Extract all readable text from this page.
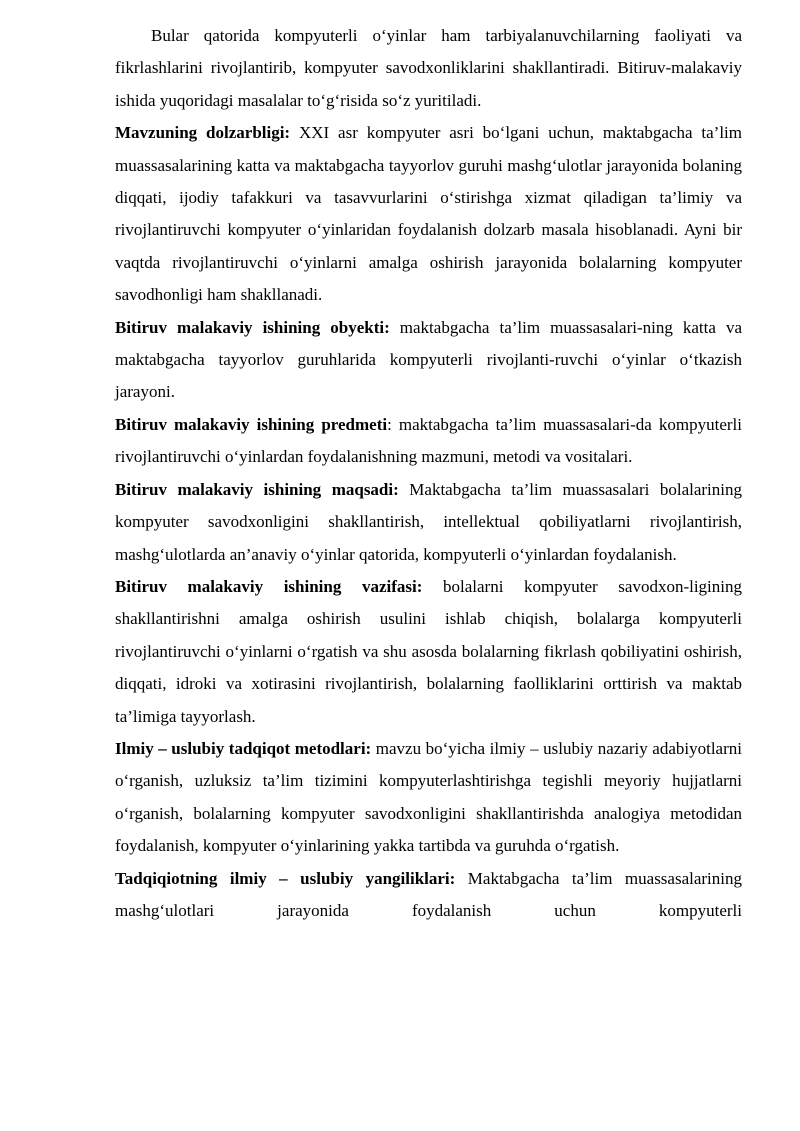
Bular qatorida kompyuterli o‘yinlar ham tarbiyalanuvchilarning faoliyati va fikrlashlarini rivojlantirib, kompyuter savodxonliklarini shakllantiradi. Bitiruv-malakaviy ishida yuqoridagi masalalar to‘g‘risida so‘z yuritiladi.

Mavzuning dolzarbligi: XXI asr kompyuter asri bo‘lgani uchun, maktabgacha ta’lim muassasalarining katta va maktabgacha tayyorlov guruhi mashg‘ulotlar jarayonida bolaning diqqati, ijodiy tafakkuri va tasavvurlarini o‘stirishga xizmat qiladigan ta’limiy va rivojlantiruvchi kompyuter o‘yinlaridan foydalanish dolzarb masala hisoblanadi. Ayni bir vaqtda rivojlantiruvchi o‘yinlarni amalga oshirish jarayonida bolalarning kompyuter savodhonligi ham shakllanadi.

Bitiruv malakaviy ishining obyekti: maktabgacha ta’lim muassasalari-ning katta va maktabgacha tayyorlov guruhlarida kompyuterli rivojlanti-ruvchi o‘yinlar o‘tkazish jarayoni.

Bitiruv malakaviy ishining predmeti: maktabgacha ta’lim muassasalari-da kompyuterli rivojlantiruvchi o‘yinlardan foydalanishning mazmuni, metodi va vositalari.

Bitiruv malakaviy ishining maqsadi: Maktabgacha ta’lim muassasalari bolalarining kompyuter savodxonligini shakllantirish, intellektual qobiliyatlarni rivojlantirish, mashg‘ulotlarda an’anaviy o‘yinlar qatorida, kompyuterli o‘yinlardan foydalanish.

Bitiruv malakaviy ishining vazifasi: bolalarni kompyuter savodxon-ligining shakllantirishni amalga oshirish usulini ishlab chiqish, bolalarga kompyuterli rivojlantiruvchi o‘yinlarni o‘rgatish va shu asosda bolalarning fikrlash qobiliyatini oshirish, diqqati, idroki va xotirasini rivojlantirish, bolalarning faolliklarini orttirish va maktab ta’limiga tayyorlash.

Ilmiy – uslubiy tadqiqot metodlari: mavzu bo‘yicha ilmiy – uslubiy nazariy adabiyotlarni o‘rganish, uzluksiz ta’lim tizimini kompyuterlashtirishga tegishli meyoriy hujjatlarni o‘rganish, bolalarning kompyuter savodxonligini shakllantirishda analogiya metodidan foydalanish, kompyuter o‘yinlarining yakka tartibda va guruhda o‘rgatish.

Tadqiqiotning ilmiy – uslubiy yangiliklari: Maktabgacha ta’lim muassasalarining mashg‘ulotlari jarayonida foydalanish uchun kompyuterli
